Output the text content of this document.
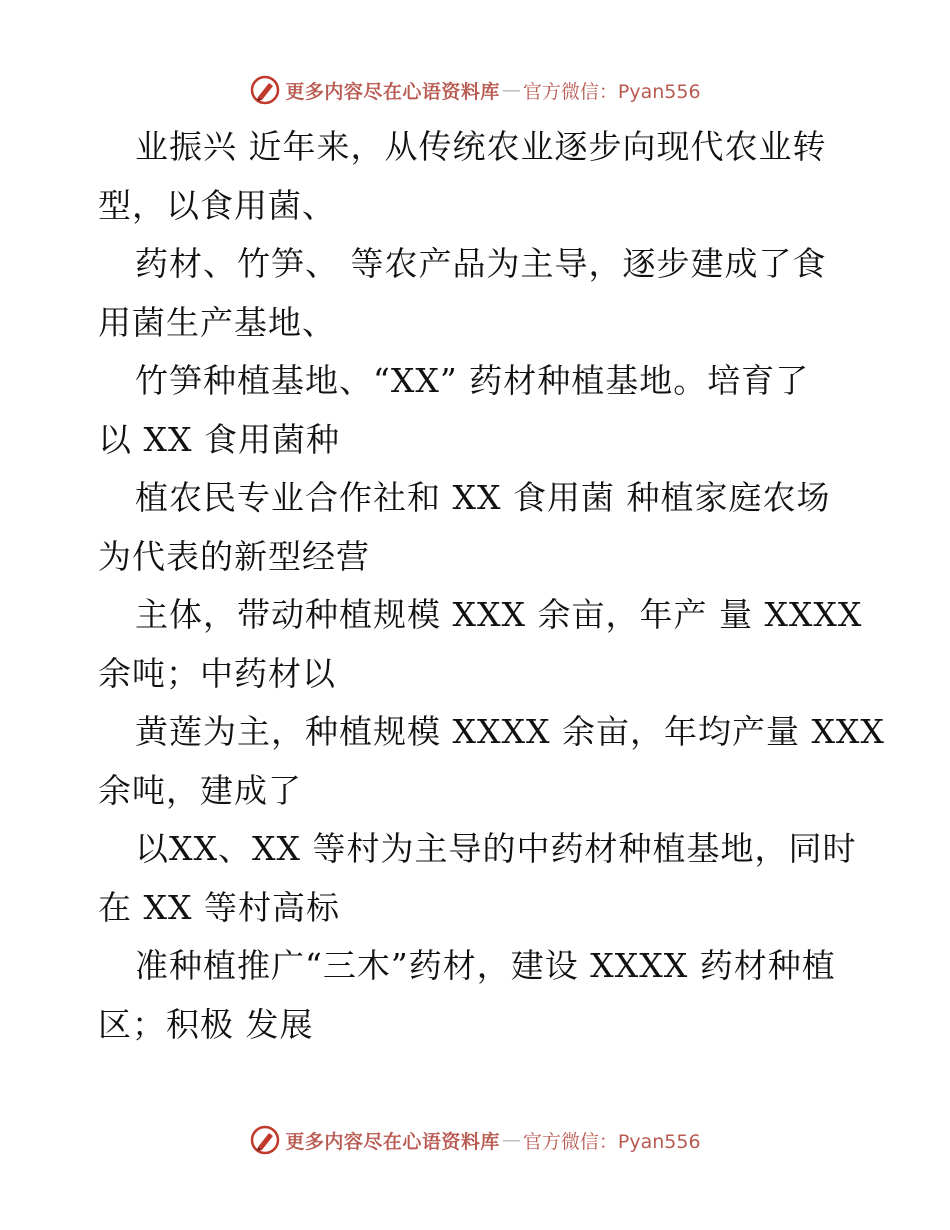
更多内容尽在心语资料库 — 官方微信：Pyan556
业振兴 近年来，从传统农业逐步向现代农业转
型，以食用菌、
药材、竹笋、 等农产品为主导，逐步建成了食
用菌生产基地、
竹笋种植基地、“XX” 药材种植基地。培育了
以 XX 食用菌种
植农民专业合作社和 XX 食用菌 种植家庭农场
为代表的新型经营
主体，带动种植规模 XXX 余亩，年产 量 XXXX
余吨；中药材以
黄莲为主，种植规模 XXXX 余亩，年均产量 XXX
余吨，建成了
以XX、XX 等村为主导的中药材种植基地，同时
在 XX 等村高标
准种植推广“三木”药材，建设 XXXX 药材种植
区；积极 发展
更多内容尽在心语资料库 — 官方微信：Pyan556
